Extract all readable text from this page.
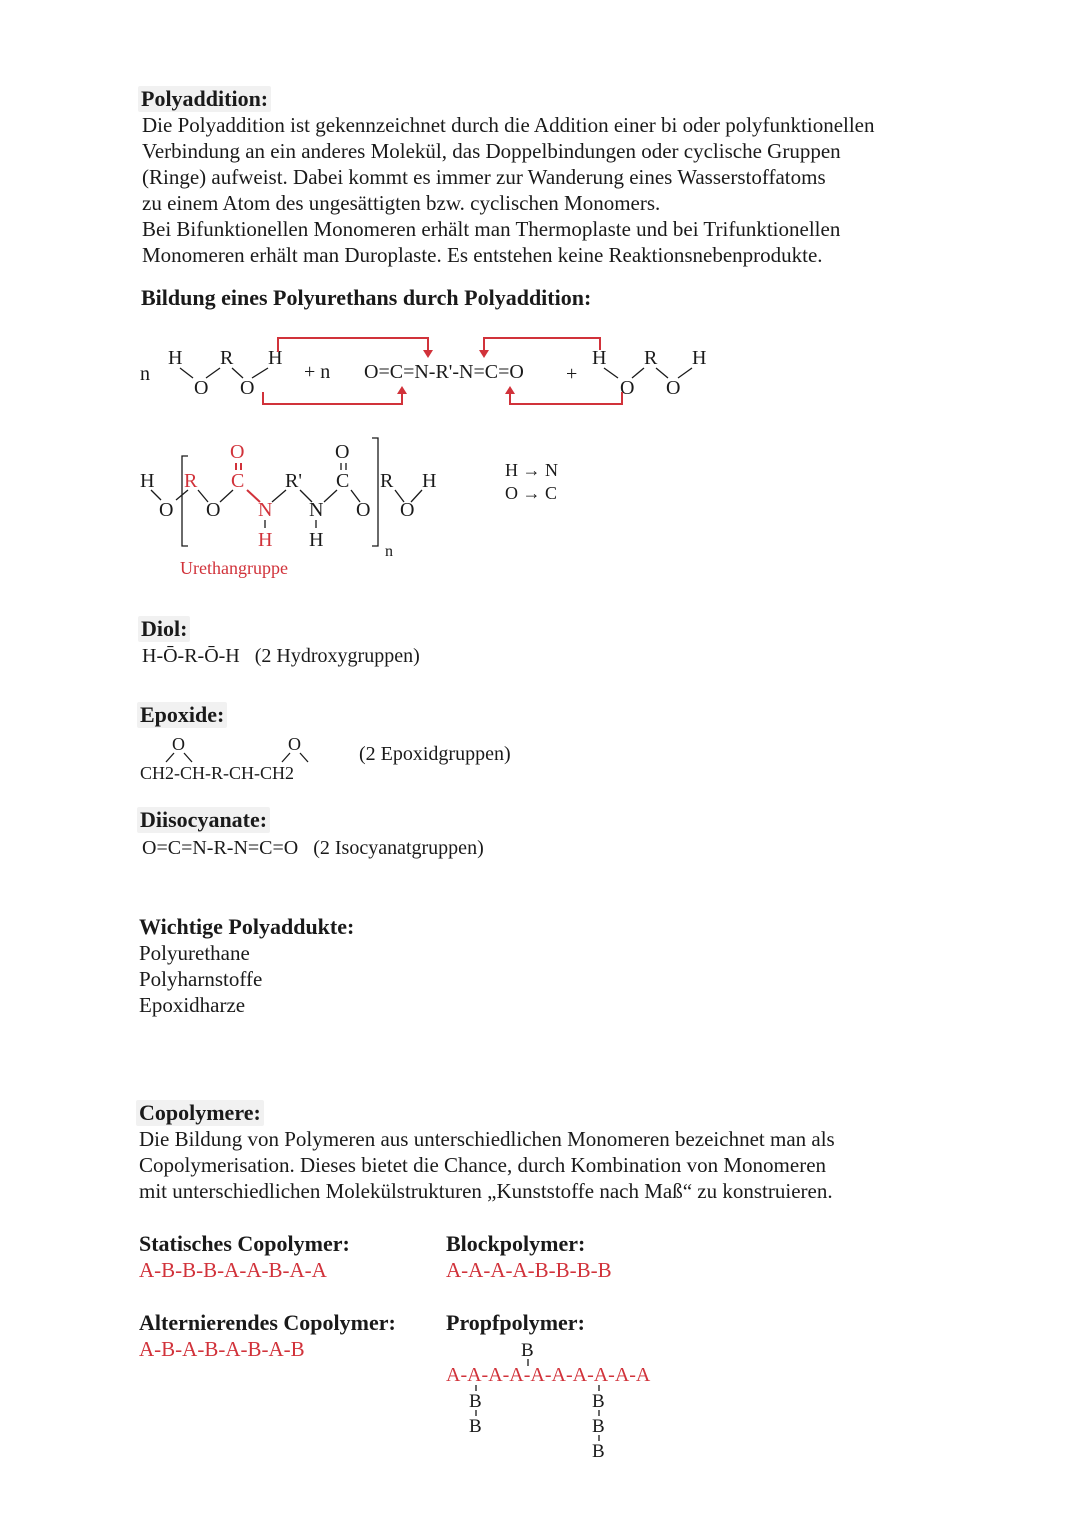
Polyaddition:
Die Polyaddition ist gekennzeichnet durch die Addition einer bi oder polyfunktionellen
Verbindung an ein anderes Molekül, das Doppelbindungen oder cyclische Gruppen
(Ringe) aufweist. Dabei kommt es immer zur Wanderung eines Wasserstoffatoms
zu einem Atom des ungesättigten bzw. cyclischen Monomers.
Bei Bifunktionellen Monomeren erhält man Thermoplaste und bei Trifunktionellen
Monomeren erhält man Duroplaste. Es entstehen keine Reaktionsnebenprodukte.
Bildung eines Polyurethans durch Polyaddition:
n
H R H
O O
+ n O=C=N-R'-N=C=O +
H R H
O O
H
O
R
O
O
C
N
H
R'
N
H
O
C
O
n
R
O
H	H → N
O → C
Urethangruppe
Diol:
H-Ō-R-Ō-H (2 Hydroxygruppen)
Epoxide:
O	O
CH2-CH-R-CH-CH2
(2 Epoxidgruppen)
Diisocyanate:
O=C=N-R-N=C=O (2 Isocyanatgruppen)
Wichtige Polyaddukte:
Polyurethane
Polyharnstoffe
Epoxidharze
Copolymere:
Die Bildung von Polymeren aus unterschiedlichen Monomeren bezeichnet man als
Copolymerisation. Dieses bietet die Chance, durch Kombination von Monomeren
mit unterschiedlichen Molekülstrukturen „Kunststoffe nach Maß“ zu konstruieren.
Statisches Copolymer:
A-B-B-B-A-A-B-A-A
Blockpolymer:
A-A-A-A-B-B-B-B
Alternierendes Copolymer:
A-B-A-B-A-B-A-B
Propfpolymer:
B
A-A-A-A-A-A-A-A-A-A
B
B
B
B
B
